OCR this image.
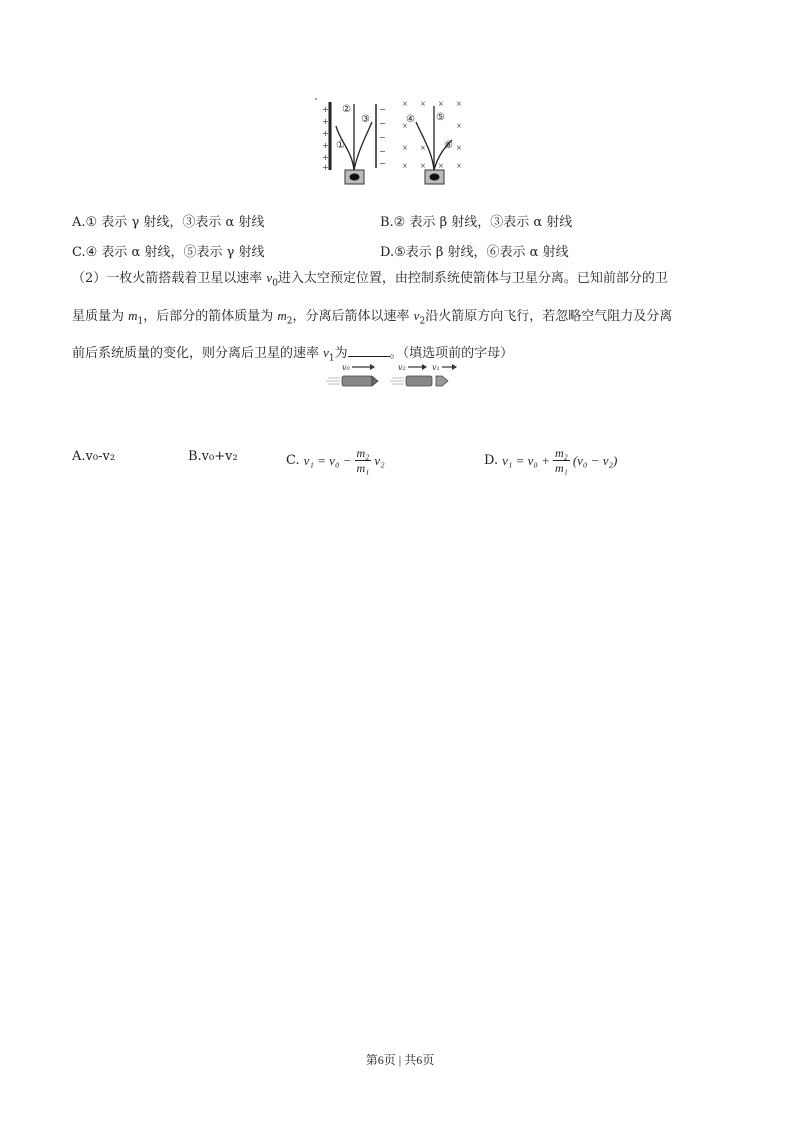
+
+
+
+
+
+
−
−
−
−
−
①
②
③
× × × ×
×	×
× ×	×
× × × ×
④ ⑤
⑥
A.① 表示 γ 射线，③表示 α 射线	B.② 表示 β 射线，③表示 α 射线
C.④ 表示 α 射线，⑤表示 γ 射线	D.⑤表示 β 射线，⑥表示 α 射线
（2）一枚火箭搭载着卫星以速率 $v_0$进入太空预定位置，由控制系统使箭体与卫星分离。已知前部分的卫
星质量为 $m_1$，后部分的箭体质量为 $m_2$，分离后箭体以速率 $v_2$沿火箭原方向飞行，若忽略空气阻力及分离
前后系统质量的变化，则分离后卫星的速率 $v_1$为	。（填选项前的字母）
v₀	v₂	v₁
A.v₀-v₂	B.v₀+v₂	C. $v_1 = v_0 - \frac{\text{m₂}}{\text{m₁}} v_2$	D. $v_1 = v_0 + \frac{\text{m₂}}{\text{m₁}} (v_0 - v_2)$
第6页 | 共6页
